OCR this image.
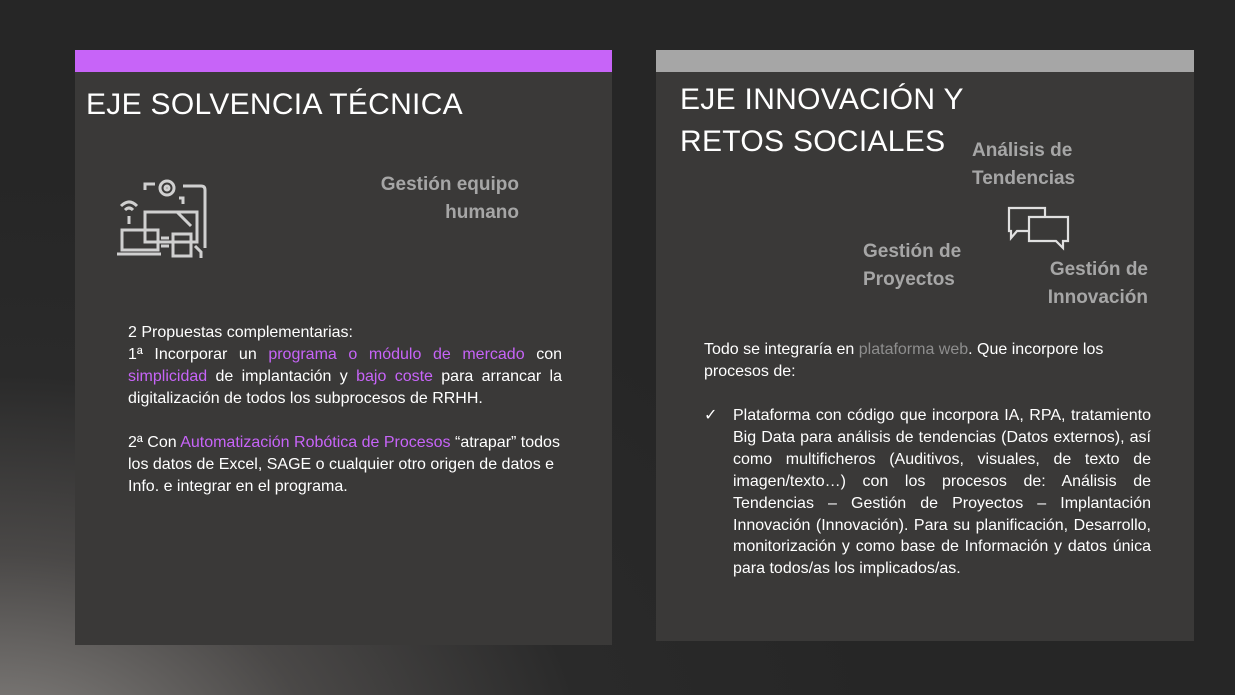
EJE SOLVENCIA TÉCNICA
Gestión equipo humano
2 Propuestas complementarias:
1ª Incorporar un programa o módulo de mercado con simplicidad de implantación y bajo coste para arrancar la digitalización de todos los subprocesos de RRHH.
2ª Con Automatización Robótica de Procesos “atrapar” todos los datos de Excel, SAGE o cualquier otro origen de datos e Info. e integrar en el programa.
EJE INNOVACIÓN Y
RETOS SOCIALES	Análisis de
Tendencias
Gestión de
Proyectos	Gestión de
Innovación
Todo se integraría en plataforma web. Que incorpore los procesos de:
✓ Plataforma con código que incorpora IA, RPA, tratamiento Big Data para análisis de tendencias (Datos externos), así como multificheros (Auditivos, visuales, de texto de imagen/texto…) con los procesos de: Análisis de Tendencias – Gestión de Proyectos – Implantación Innovación (Innovación). Para su planificación, Desarrollo, monitorización y como base de Información y datos única para todos/as los implicados/as.
